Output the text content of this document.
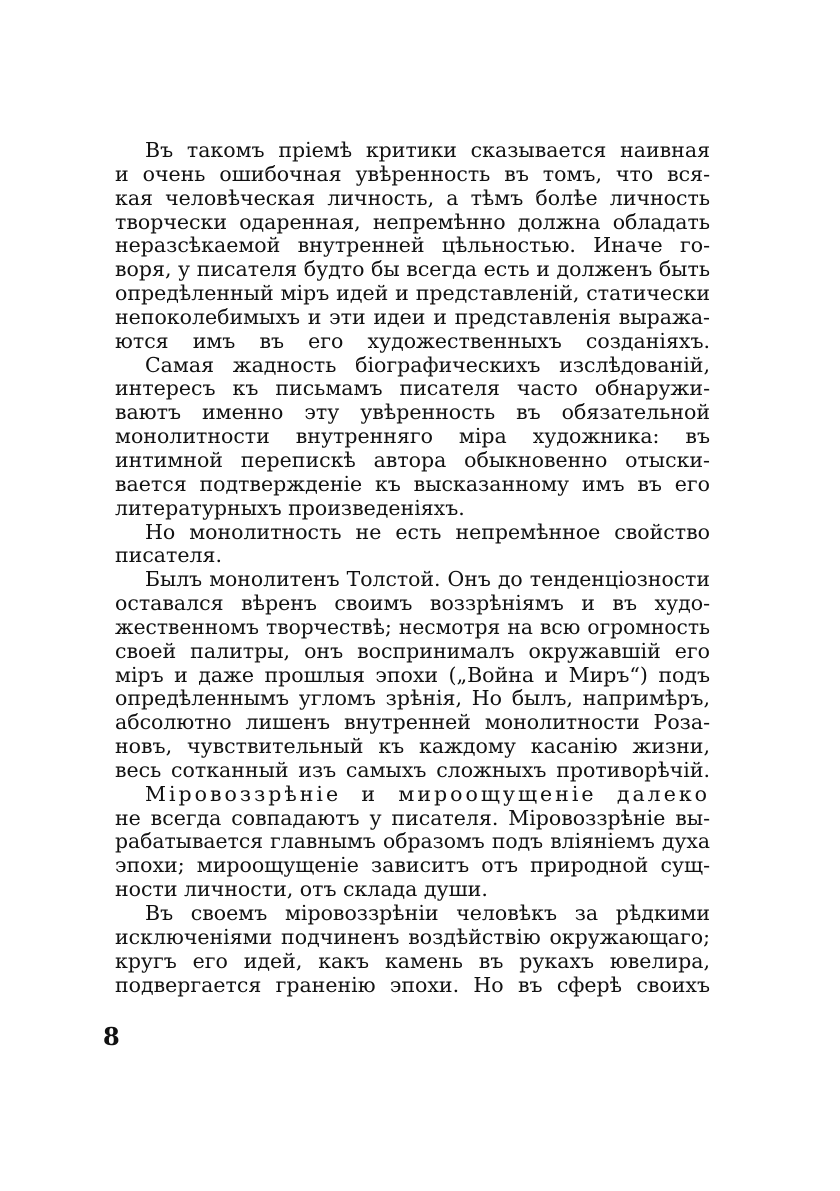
Въ такомъ пріемѣ критики сказывается наивная
и очень ошибочная увѣренность въ томъ, что вся-
кая человѣческая личность, а тѣмъ болѣе личность
творчески одаренная, непремѣнно должна обладать
неразсѣкаемой внутренней цѣльностью. Иначе го-
воря, у писателя будто бы всегда есть и долженъ быть
опредѣленный міръ идей и представленій, статически
непоколебимыхъ и эти идеи и представленія выража-
ются имъ въ его художественныхъ созданіяхъ.
Самая жадность біографическихъ изслѣдованій,
интересъ къ письмамъ писателя часто обнаружи-
ваютъ именно эту увѣренность въ обязательной
монолитности внутренняго міра художника: въ
интимной перепискѣ автора обыкновенно отыски-
вается подтвержденіе къ высказанному имъ въ его
литературныхъ произведеніяхъ.
Но монолитность не есть непремѣнное свойство
писателя.
Былъ монолитенъ Толстой. Онъ до тенденціозности
оставался вѣренъ своимъ воззрѣніямъ и въ худо-
жественномъ творчествѣ; несмотря на всю огромность
своей палитры, онъ воспринималъ окружавшій его
міръ и даже прошлыя эпохи („Война и Миръ“) подъ
опредѣленнымъ угломъ зрѣнія, Но былъ, напримѣръ,
абсолютно лишенъ внутренней монолитности Роза-
новъ, чувствительный къ каждому касанію жизни,
весь сотканный изъ самыхъ сложныхъ противорѣчій.
Міровоззрѣніе и мироощущеніе далеко
не всегда совпадаютъ у писателя. Міровоззрѣніе вы-
рабатывается главнымъ образомъ подъ вліяніемъ духа
эпохи; мироощущеніе зависитъ отъ природной сущ-
ности личности, отъ склада души.
Въ своемъ міровоззрѣніи человѣкъ за рѣдкими
исключеніями подчиненъ воздѣйствію окружающаго;
кругъ его идей, какъ камень въ рукахъ ювелира,
подвергается граненію эпохи. Но въ сферѣ своихъ
8
